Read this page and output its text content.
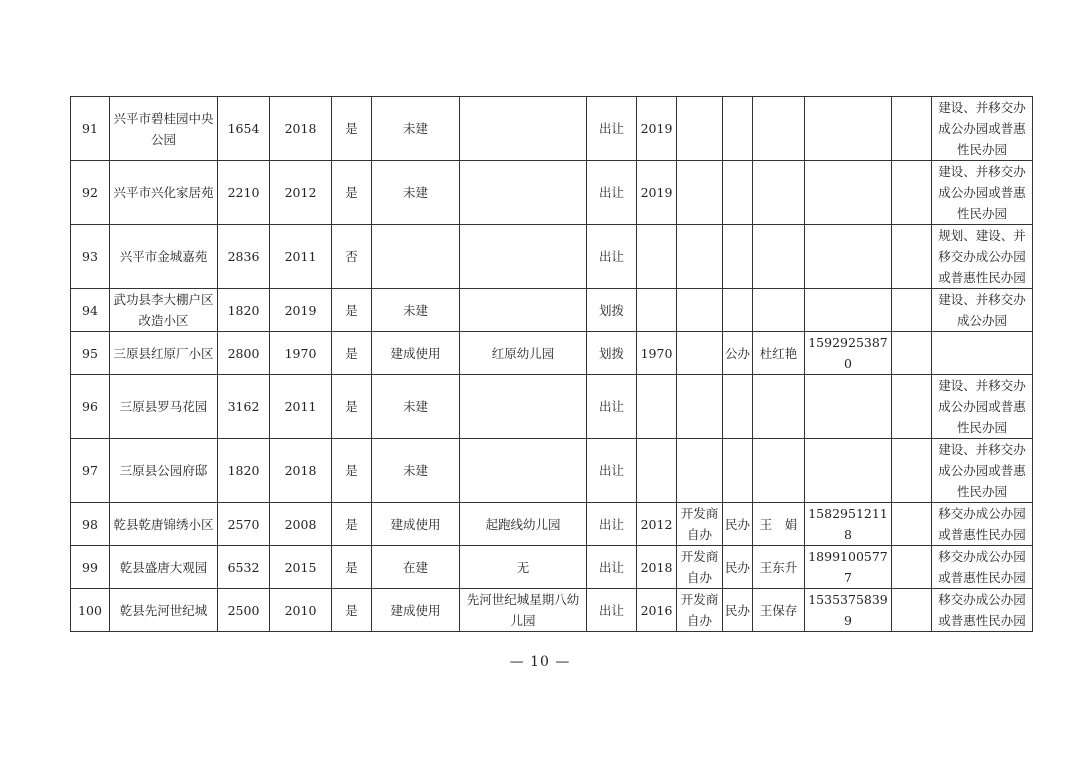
91	兴平市碧桂园中央公园	1654	2018	是	未建		出让	2019						建设、并移交办成公办园或普惠性民办园
92	兴平市兴化家居苑	2210	2012	是	未建		出让	2019						建设、并移交办成公办园或普惠性民办园
93	兴平市金城嘉苑	2836	2011	否			出让							规划、建设、并移交办成公办园或普惠性民办园
94	武功县李大棚户区改造小区	1820	2019	是	未建		划拨							建设、并移交办成公办园
95	三原县红原厂小区	2800	1970	是	建成使用	红原幼儿园	划拨	1970		公办	杜红艳	15929253870		
96	三原县罗马花园	3162	2011	是	未建		出让							建设、并移交办成公办园或普惠性民办园
97	三原县公园府邸	1820	2018	是	未建		出让							建设、并移交办成公办园或普惠性民办园
98	乾县乾唐锦绣小区	2570	2008	是	建成使用	起跑线幼儿园	出让	2012	开发商自办	民办	王　娟	15829512118		移交办成公办园或普惠性民办园
99	乾县盛唐大观园	6532	2015	是	在建	无	出让	2018	开发商自办	民办	王东升	18991005777		移交办成公办园或普惠性民办园
100	乾县先河世纪城	2500	2010	是	建成使用	先河世纪城星期八幼儿园	出让	2016	开发商自办	民办	王保存	15353758399		移交办成公办园或普惠性民办园
— 10 —
